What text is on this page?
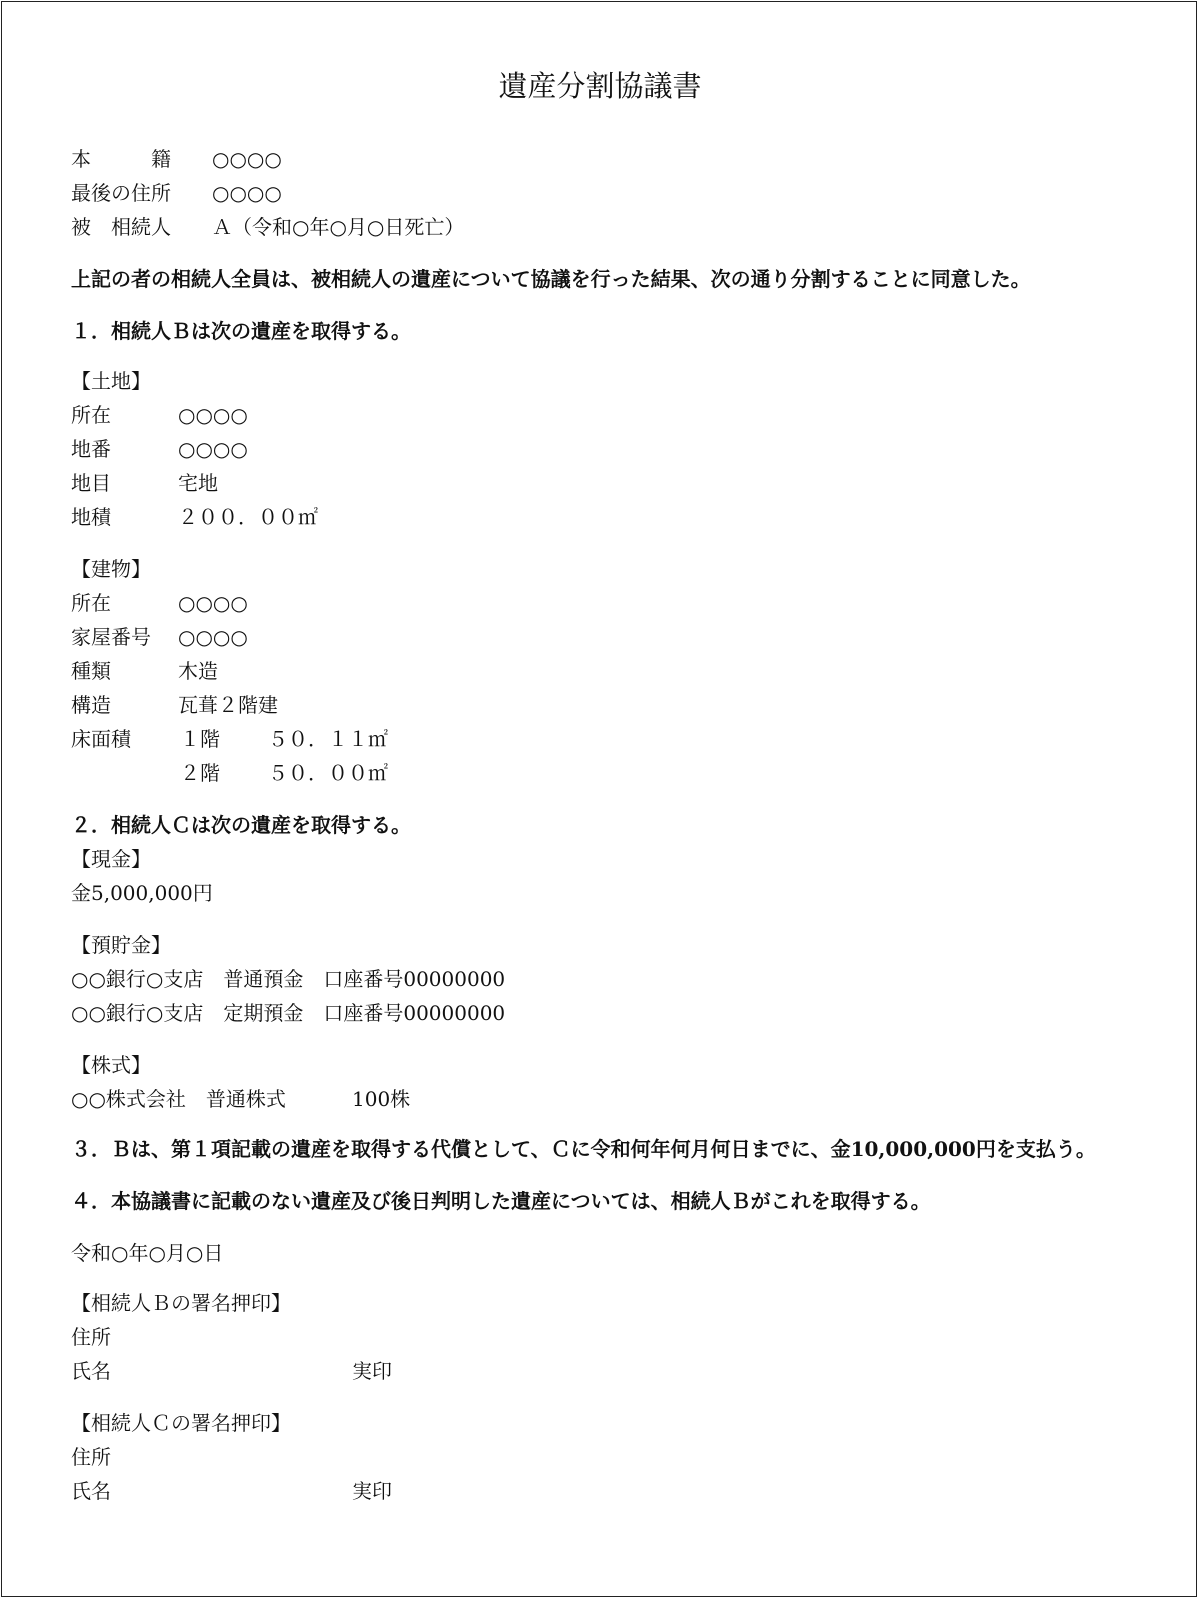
遺産分割協議書
本　　　籍 ○○○○
最後の住所 ○○○○
被　相続人 Ａ（令和○年○月○日死亡）
上記の者の相続人全員は、被相続人の遺産について協議を行った結果、次の通り分割することに同意した。
１．相続人Ｂは次の遺産を取得する。
【土地】
所在	○○○○
地番	○○○○
地目	宅地
地積	２００．００㎡
【建物】
所在	○○○○
家屋番号 ○○○○
種類	木造
構造	瓦葺２階建
床面積 １階 ５０．１１㎡
２階 ５０．００㎡
２．相続人Ｃは次の遺産を取得する。
【現金】
金5,000,000円
【預貯金】
○○銀行○支店　普通預金　口座番号00000000
○○銀行○支店　定期預金　口座番号00000000
【株式】
○○株式会社　普通株式	100株
３．Ｂは、第１項記載の遺産を取得する代償として、Ｃに令和何年何月何日までに、金10,000,000円を支払う。
４．本協議書に記載のない遺産及び後日判明した遺産については、相続人Ｂがこれを取得する。
令和○年○月○日
【相続人Ｂの署名押印】
住所
氏名	実印
【相続人Ｃの署名押印】
住所
氏名	実印
